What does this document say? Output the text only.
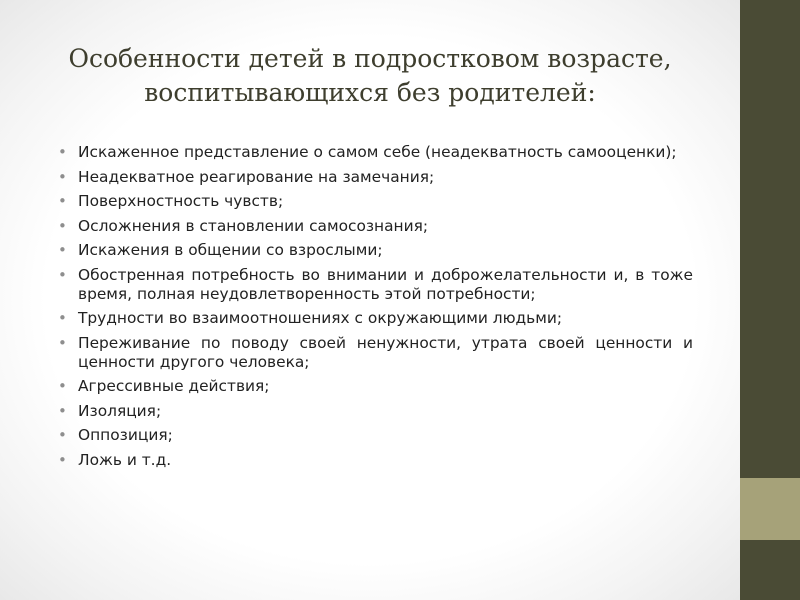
Особенности детей в подростковом возрасте,
воспитывающихся без родителей:
• Искаженное представление о самом себе (неадекватность самооценки);
• Неадекватное реагирование на замечания;
• Поверхностность чувств;
• Осложнения в становлении самосознания;
• Искажения в общении со взрослыми;
• Обостренная потребность во внимании и доброжелательности и, в тоже время, полная неудовлетворенность этой потребности;
• Трудности во взаимоотношениях с окружающими людьми;
• Переживание по поводу своей ненужности, утрата своей ценности и ценности другого человека;
• Агрессивные действия;
• Изоляция;
• Оппозиция;
• Ложь и т.д.
